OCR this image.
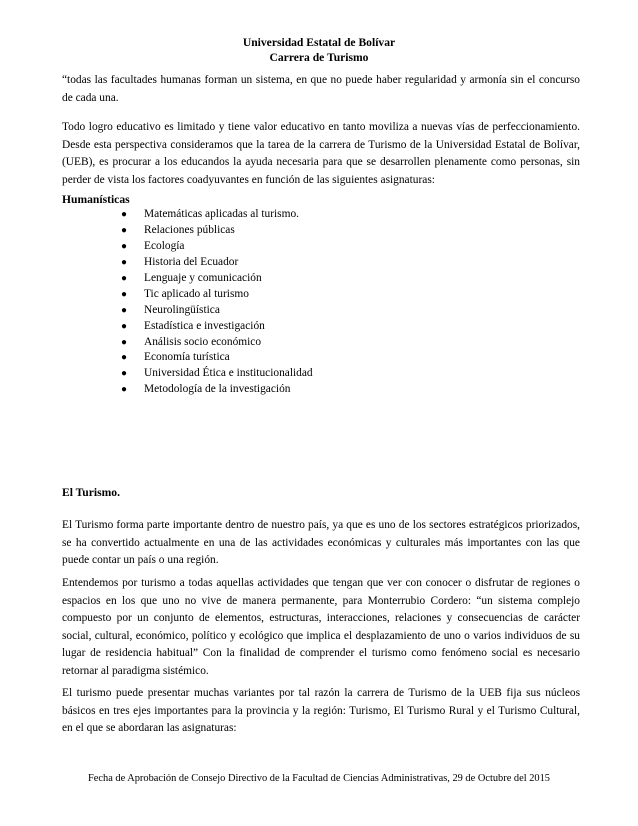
Universidad Estatal de Bolívar
Carrera de Turismo
“todas las facultades humanas forman un sistema, en que no puede haber regularidad y armonía sin el concurso de cada una.
Todo logro educativo es limitado y tiene valor educativo en tanto moviliza a nuevas vías de perfeccionamiento. Desde esta perspectiva consideramos que la tarea de la carrera de Turismo de la Universidad Estatal de Bolívar, (UEB), es procurar a los educandos la ayuda necesaria para que se desarrollen plenamente como personas, sin perder de vista los factores coadyuvantes en función de las siguientes asignaturas:
Humanísticas
● Matemáticas aplicadas al turismo.
● Relaciones públicas
● Ecología
● Historia del Ecuador
● Lenguaje y comunicación
● Tic aplicado al turismo
● Neurolingüística
● Estadística e investigación
● Análisis socio económico
● Economía turística
● Universidad Ética e institucionalidad
● Metodología de la investigación
El Turismo.
El Turismo forma parte importante dentro de nuestro país, ya que es uno de los sectores estratégicos priorizados, se ha convertido actualmente en una de las actividades económicas y culturales más importantes con las que puede contar un país o una región.
Entendemos por turismo a todas aquellas actividades que tengan que ver con conocer o disfrutar de regiones o espacios en los que uno no vive de manera permanente, para Monterrubio Cordero: “un sistema complejo compuesto por un conjunto de elementos, estructuras, interacciones, relaciones y consecuencias de carácter social, cultural, económico, político y ecológico que implica el desplazamiento de uno o varios individuos de su lugar de residencia habitual” Con la finalidad de comprender el turismo como fenómeno social es necesario retornar al paradigma sistémico.
El turismo puede presentar muchas variantes por tal razón la carrera de Turismo de la UEB fija sus núcleos básicos en tres ejes importantes para la provincia y la región: Turismo, El Turismo Rural y el Turismo Cultural, en el que se abordaran las asignaturas:
Fecha de Aprobación de Consejo Directivo de la Facultad de Ciencias Administrativas, 29 de Octubre del 2015
